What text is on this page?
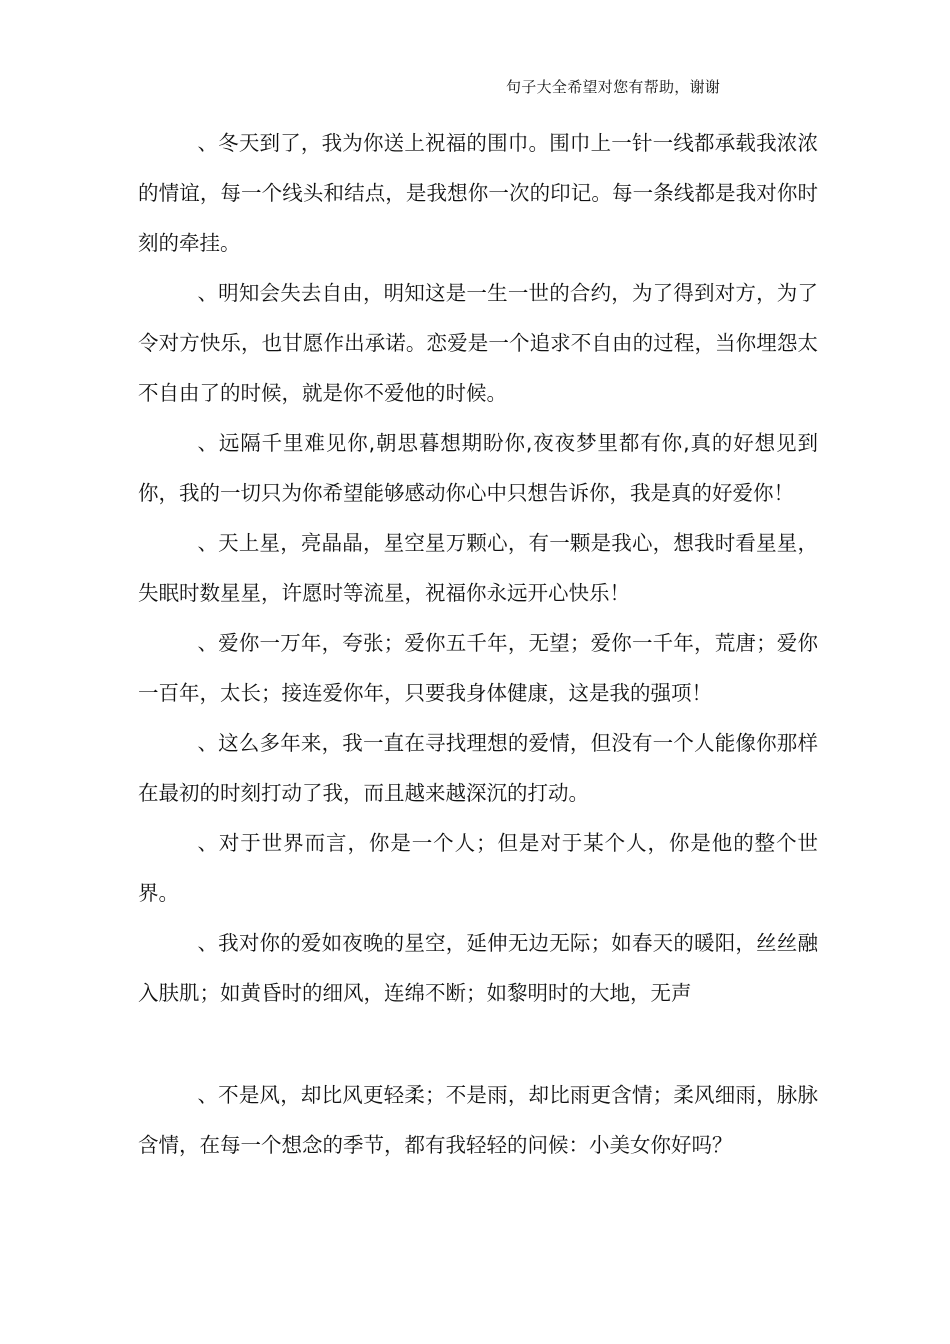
句子大全希望对您有帮助，谢谢

、冬天到了，我为你送上祝福的围巾。围巾上一针一线都承载我浓浓的情谊，每一个线头和结点，是我想你一次的印记。每一条线都是我对你时刻的牵挂。

、明知会失去自由，明知这是一生一世的合约，为了得到对方，为了令对方快乐，也甘愿作出承诺。恋爱是一个追求不自由的过程，当你埋怨太不自由了的时候，就是你不爱他的时候。

、远隔千里难见你,朝思暮想期盼你,夜夜梦里都有你,真的好想见到你，我的一切只为你希望能够感动你心中只想告诉你，我是真的好爱你！

、天上星，亮晶晶，星空星万颗心，有一颗是我心，想我时看星星，失眠时数星星，许愿时等流星，祝福你永远开心快乐！

、爱你一万年，夸张；爱你五千年，无望；爱你一千年，荒唐；爱你一百年，太长；接连爱你年，只要我身体健康，这是我的强项！

、这么多年来，我一直在寻找理想的爱情，但没有一个人能像你那样在最初的时刻打动了我，而且越来越深沉的打动。

、对于世界而言，你是一个人；但是对于某个人，你是他的整个世界。

、我对你的爱如夜晚的星空，延伸无边无际；如春天的暖阳，丝丝融入肤肌；如黄昏时的细风，连绵不断；如黎明时的大地，无声

、不是风，却比风更轻柔；不是雨，却比雨更含情；柔风细雨，脉脉含情，在每一个想念的季节，都有我轻轻的问候：小美女你好吗？
